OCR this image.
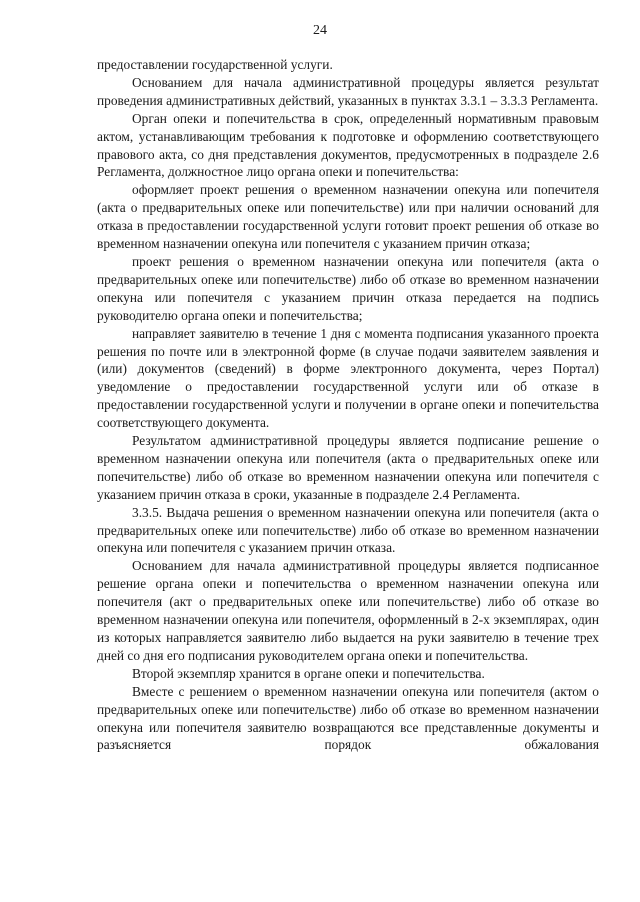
24

предоставлении государственной услуги.

Основанием для начала административной процедуры является результат проведения административных действий, указанных в пунктах 3.3.1 – 3.3.3 Регламента.

Орган опеки и попечительства в срок, определенный нормативным правовым актом, устанавливающим требования к подготовке и оформлению соответствующего правового акта, со дня представления документов, предусмотренных в подразделе 2.6 Регламента, должностное лицо органа опеки и попечительства:

оформляет проект решения о временном назначении опекуна или попечителя (акта о предварительных опеке или попечительстве) или при наличии оснований для отказа в предоставлении государственной услуги готовит проект решения об отказе во временном назначении опекуна или попечителя с указанием причин отказа;

проект решения о временном назначении опекуна или попечителя (акта о предварительных опеке или попечительстве) либо об отказе во временном назначении опекуна или попечителя с указанием причин отказа передается на подпись руководителю органа опеки и попечительства;

направляет заявителю в течение 1 дня с момента подписания указанного проекта решения по почте или в электронной форме (в случае подачи заявителем заявления и (или) документов (сведений) в форме электронного документа, через Портал) уведомление о предоставлении государственной услуги или об отказе в предоставлении государственной услуги и получении в органе опеки и попечительства соответствующего документа.

Результатом административной процедуры является подписание решение о временном назначении опекуна или попечителя (акта о предварительных опеке или попечительстве) либо об отказе во временном назначении опекуна или попечителя с указанием причин отказа в сроки, указанные в подразделе 2.4 Регламента.

3.3.5. Выдача решения о временном назначении опекуна или попечителя (акта о предварительных опеке или попечительстве) либо об отказе во временном назначении опекуна или попечителя с указанием причин отказа.

Основанием для начала административной процедуры является подписанное решение органа опеки и попечительства о временном назначении опекуна или попечителя (акт о предварительных опеке или попечительстве) либо об отказе во временном назначении опекуна или попечителя, оформленный в 2-х экземплярах, один из которых направляется заявителю либо выдается на руки заявителю в течение трех дней со дня его подписания руководителем органа опеки и попечительства.

Второй экземпляр хранится в органе опеки и попечительства.

Вместе с решением о временном назначении опекуна или попечителя (актом о предварительных опеке или попечительстве) либо об отказе во временном назначении опекуна или попечителя заявителю возвращаются все представленные документы и разъясняется порядок обжалования
